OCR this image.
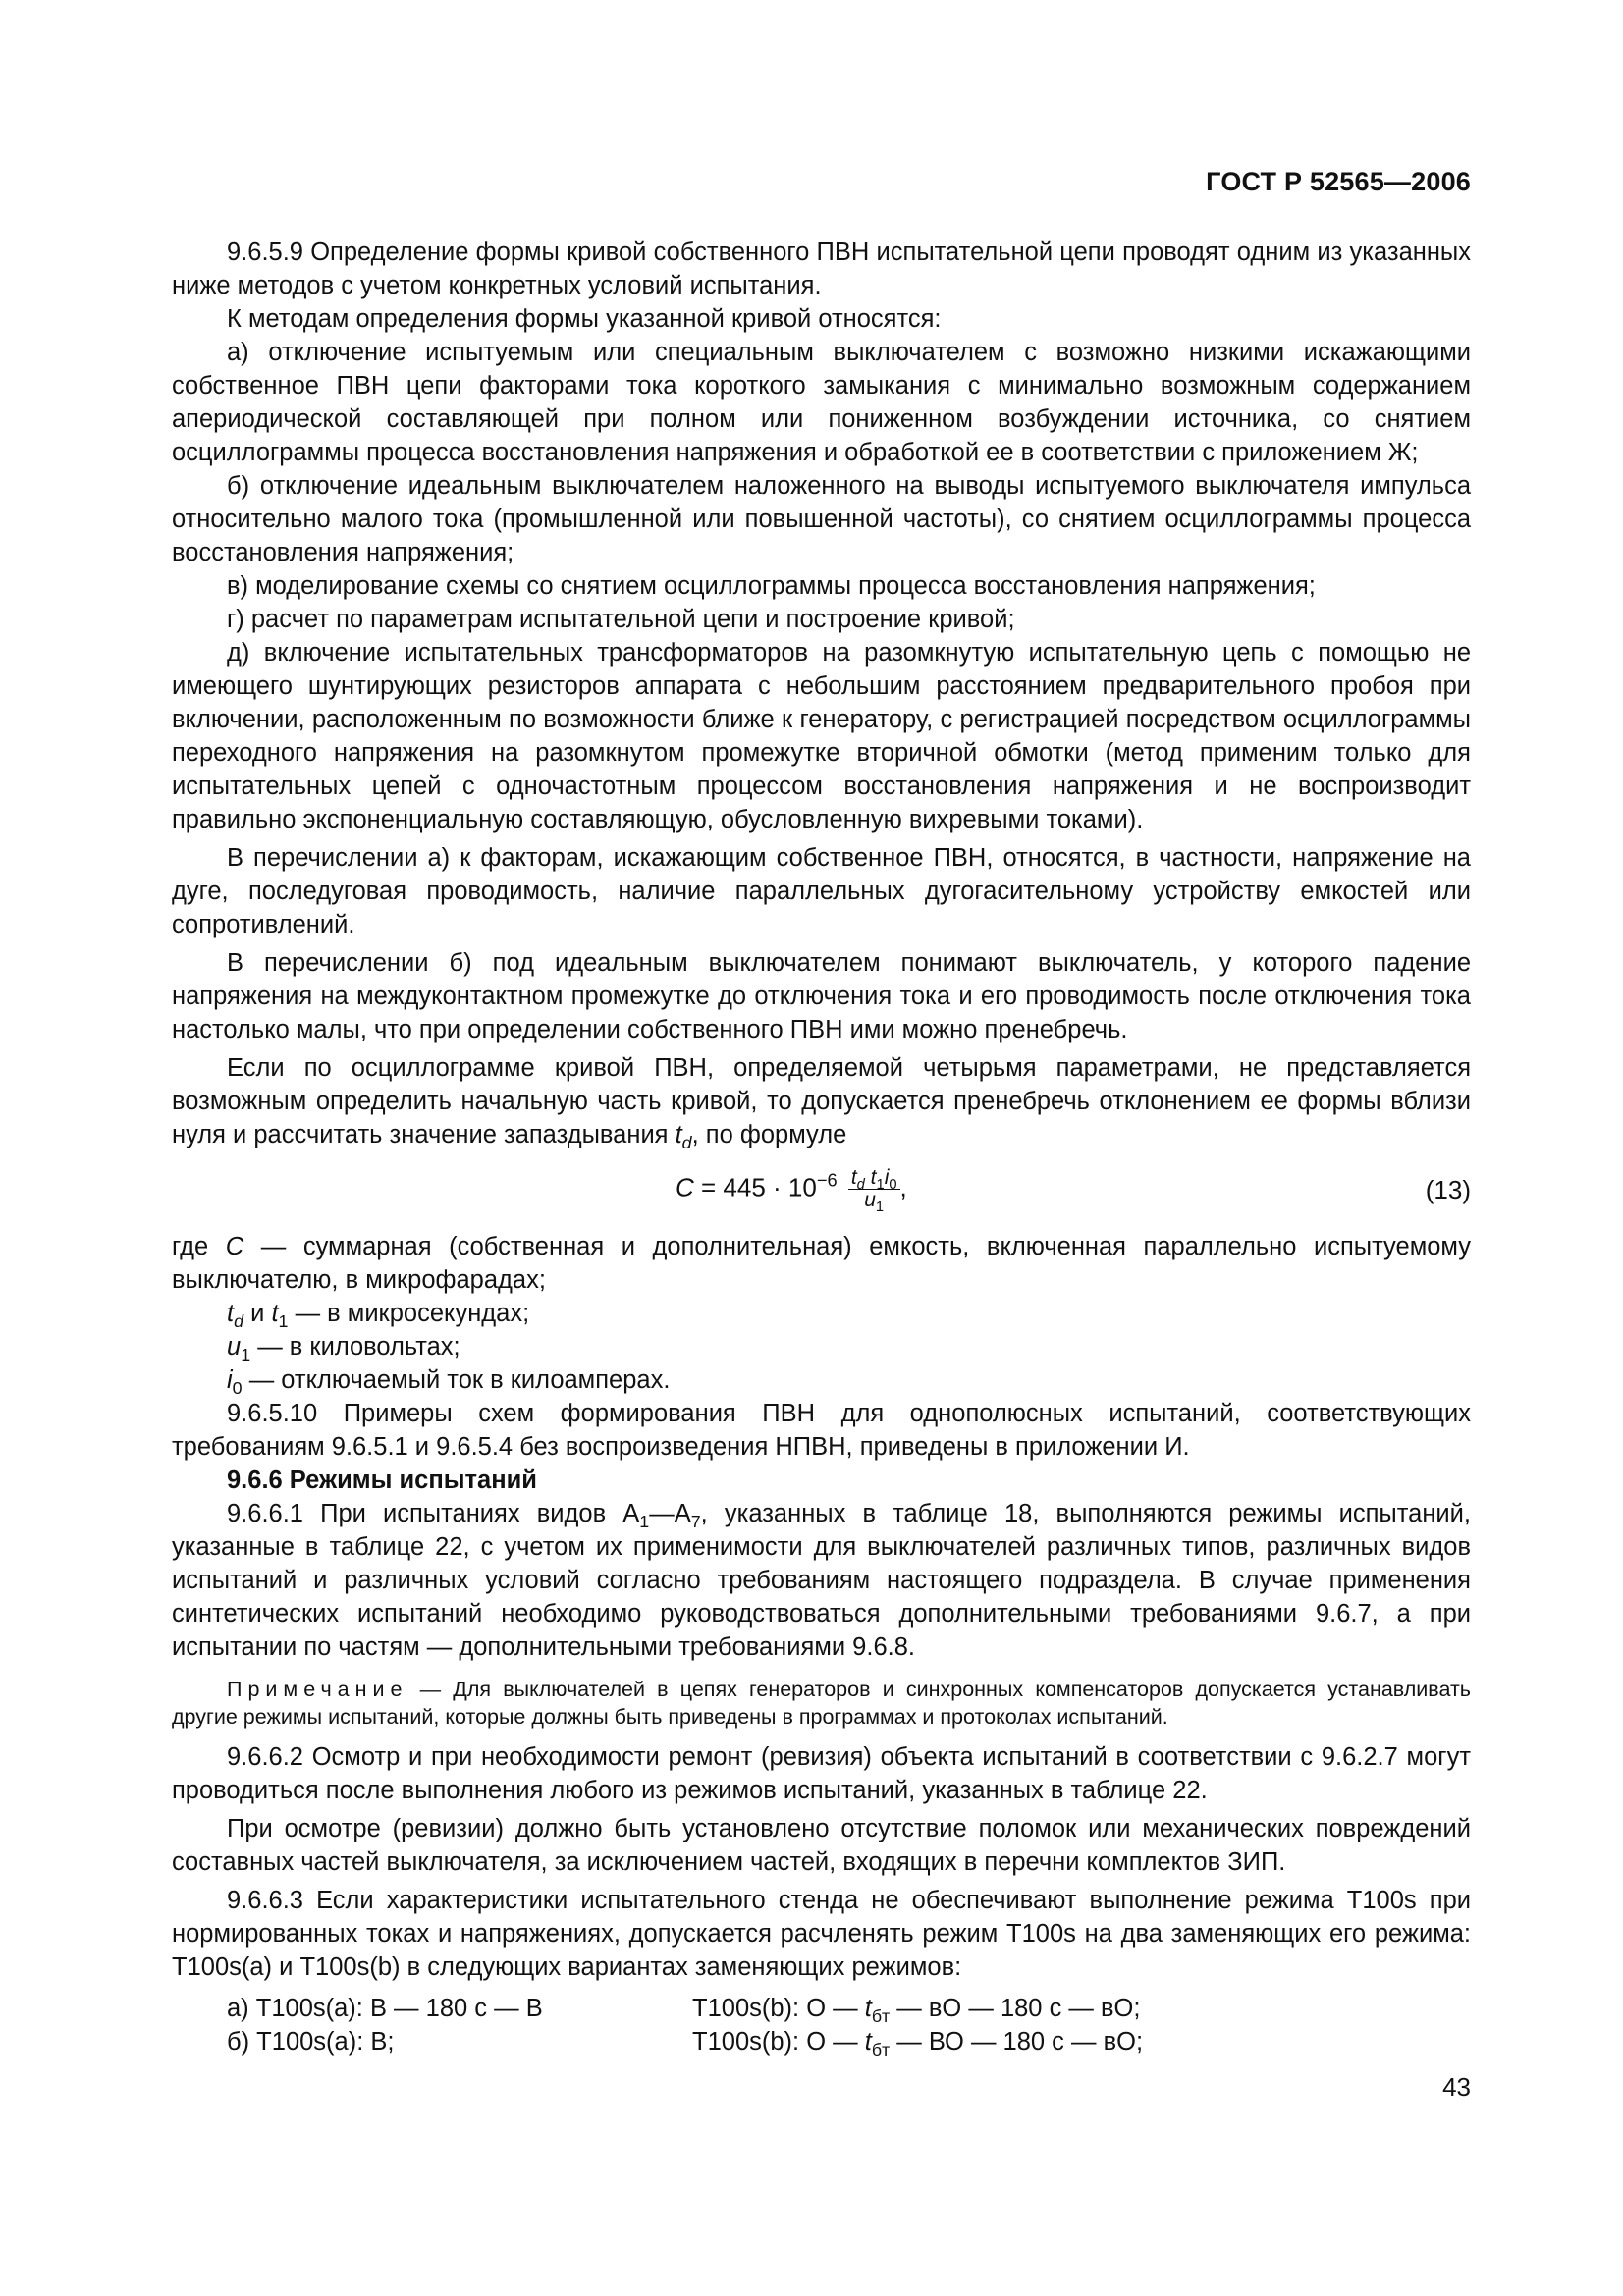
ГОСТ Р 52565—2006

9.6.5.9 Определение формы кривой собственного ПВН испытательной цепи проводят одним из указанных ниже методов с учетом конкретных условий испытания.

К методам определения формы указанной кривой относятся:

а) отключение испытуемым или специальным выключателем с возможно низкими искажающими собственное ПВН цепи факторами тока короткого замыкания с минимально возможным содержанием апериодической составляющей при полном или пониженном возбуждении источника, со снятием осциллограммы процесса восстановления напряжения и обработкой ее в соответствии с приложением Ж;

б) отключение идеальным выключателем наложенного на выводы испытуемого выключателя импульса относительно малого тока (промышленной или повышенной частоты), со снятием осциллограммы процесса восстановления напряжения;

в) моделирование схемы со снятием осциллограммы процесса восстановления напряжения;

г) расчет по параметрам испытательной цепи и построение кривой;

д) включение испытательных трансформаторов на разомкнутую испытательную цепь с помощью не имеющего шунтирующих резисторов аппарата с небольшим расстоянием предварительного пробоя при включении, расположенным по возможности ближе к генератору, с регистрацией посредством осциллограммы переходного напряжения на разомкнутом промежутке вторичной обмотки (метод применим только для испытательных цепей с одночастотным процессом восстановления напряжения и не воспроизводит правильно экспоненциальную составляющую, обусловленную вихревыми токами).

В перечислении а) к факторам, искажающим собственное ПВН, относятся, в частности, напряжение на дуге, последуговая проводимость, наличие параллельных дугогасительному устройству емкостей или сопротивлений.

В перечислении б) под идеальным выключателем понимают выключатель, у которого падение напряжения на междуконтактном промежутке до отключения тока и его проводимость после отключения тока настолько малы, что при определении собственного ПВН ими можно пренебречь.

Если по осциллограмме кривой ПВН, определяемой четырьмя параметрами, не представляется возможным определить начальную часть кривой, то допускается пренебречь отклонением ее формы вблизи нуля и рассчитать значение запаздывания $t_d$, по формуле

$C = 445 \cdot 10^{-6} \frac{t_d t_1i_0}{u_1}$ ,	(13)

где C — суммарная (собственная и дополнительная) емкость, включенная параллельно испытуемому выключателю, в микрофарадах;

$t_d$ и $t_1$ — в микросекундах;

$u_1$ — в киловольтах;

$i_0$ — отключаемый ток в килоамперах.

9.6.5.10 Примеры схем формирования ПВН для однополюсных испытаний, соответствующих требованиям 9.6.5.1 и 9.6.5.4 без воспроизведения НПВН, приведены в приложении И.

9.6.6 Режимы испытаний

9.6.6.1 При испытаниях видов $А_1—А_7$, указанных в таблице 18, выполняются режимы испытаний, указанные в таблице 22, с учетом их применимости для выключателей различных типов, различных видов испытаний и различных условий согласно требованиям настоящего подраздела. В случае применения синтетических испытаний необходимо руководствоваться дополнительными требованиями 9.6.7, а при испытании по частям — дополнительными требованиями 9.6.8.

Примечание — Для выключателей в цепях генераторов и синхронных компенсаторов допускается устанавливать другие режимы испытаний, которые должны быть приведены в программах и протоколах испытаний.

9.6.6.2 Осмотр и при необходимости ремонт (ревизия) объекта испытаний в соответствии с 9.6.2.7 могут проводиться после выполнения любого из режимов испытаний, указанных в таблице 22.

При осмотре (ревизии) должно быть установлено отсутствие поломок или механических повреждений составных частей выключателя, за исключением частей, входящих в перечни комплектов ЗИП.

9.6.6.3 Если характеристики испытательного стенда не обеспечивают выполнение режима Т100s при нормированных токах и напряжениях, допускается расчленять режим Т100s на два заменяющих его режима: Т100s(a) и Т100s(b) в следующих вариантах заменяющих режимов:

а) Т100s(a): В — 180 с — В	Т100s(b): О — $t_{бт}$ — вО — 180 с — вО;
б) Т100s(a): В;	Т100s(b): О — $t_{бт}$ — ВО — 180 с — вО;
43
